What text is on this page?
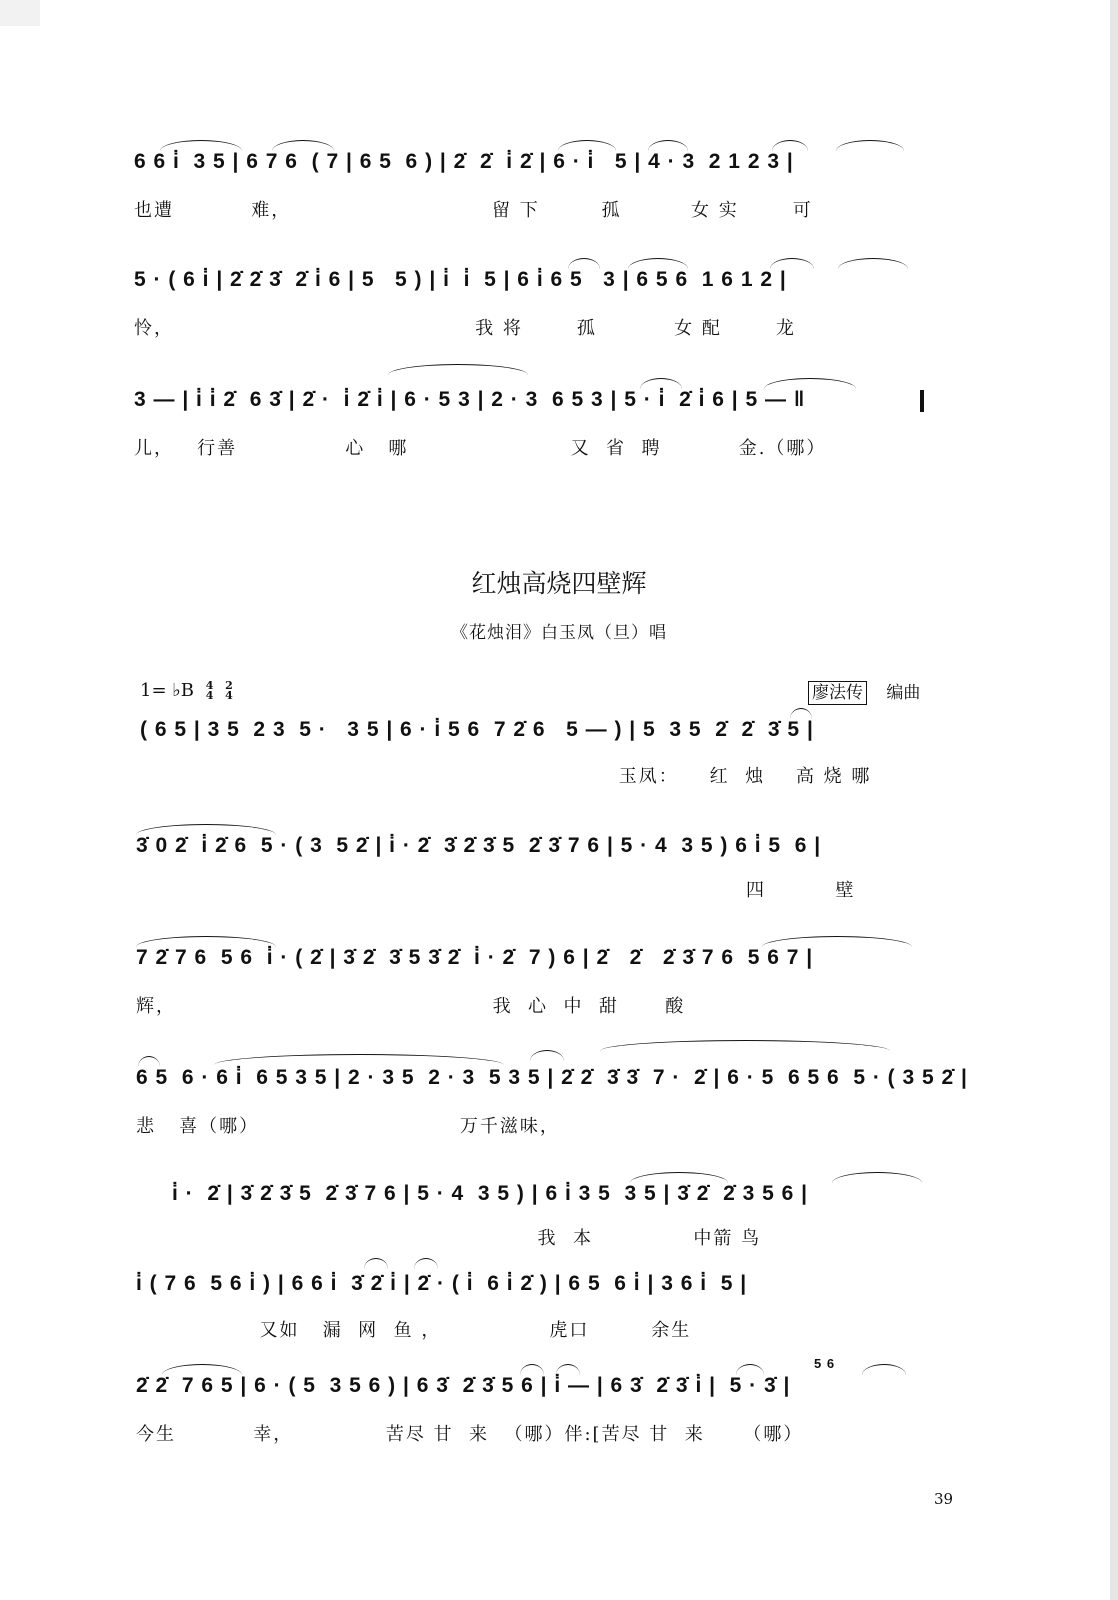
6 6 i̇  3 5 | 6 7 6  ( 7 | 6 5  6 ) | 2̇  2̇  i̇ 2̇ | 6 · i̇   5 | 4 · 3  2 1 2 3 |
也遭          难，                          留 下        孤         女 实       可
5 · ( 6 i̇ | 2̇ 2̇ 3̇  2̇ i̇ 6 | 5   5 ) | i̇  i̇  5 | 6 i̇ 6 5   3 | 6 5 6  1 6 1 2 |
怜，                                       我 将       孤          女 配       龙
3 — | i̇ i̇ 2̇  6 3̇ | 2̇ ·  i̇ 2̇ i̇ | 6 · 5 3 | 2 · 3  6 5 3 | 5 · i̇  2̇ i̇ 6 | 5 — ‖
儿，   行善              心   哪                     又  省  聘          金.（哪）
红烛高烧四壁辉
《花烛泪》白玉凤（旦）唱
1= ♭B 4
4 2
4	廖法传 编曲
( 6 5 | 3 5  2 3  5 ·   3 5 | 6 · i̇ 5 6  7 2̇ 6   5 — ) | 5  3 5  2̇  2̇  3̇ 5 |
玉凤：    红  烛    高 烧 哪
3̇ 0 2̇  i̇ 2̇ 6  5 · ( 3  5 2̇ | i̇ · 2̇  3̇ 2̇ 3̇ 5  2̇ 3̇ 7 6 | 5 · 4  3 5 ) 6 i̇ 5  6 |
四         壁
7 2̇ 7 6  5 6  i̇ · ( 2̇ | 3̇ 2̇  3̇ 5 3̇ 2̇  i̇ · 2̇  7 ) 6 | 2̇   2̇   2̇ 3̇ 7 6  5 6 7 |
辉，                                         我  心  中  甜      酸
6 5  6 · 6 i̇  6 5 3 5 | 2 · 3 5  2 · 3  5 3 5 | 2̇ 2̇  3̇ 3̇  7 ·  2̇ | 6 · 5  6 5 6  5 · ( 3 5 2̇ |
悲   喜（哪）                          万千滋味，
i̇ ·  2̇ | 3̇ 2̇ 3̇ 5  2̇ 3̇ 7 6 | 5 · 4  3 5 ) | 6 i̇ 3 5  3 5 | 3̇ 2̇  2̇ 3 5 6 |
我  本             中箭 鸟
i̇ ( 7 6  5 6 i̇ ) | 6 6 i̇  3̇ 2̇ i̇ | 2̇ · ( i̇  6 i̇ 2̇ ) | 6 5  6 i̇ | 3 6 i̇  5 |
又如   漏  网  鱼 ，              虎口        余生
2̇ 2̇  7 6 5 | 6 · ( 5  3 5 6 ) | 6 3̇  2̇ 3̇ 5 6 | i̇ — | 6 3̇  2̇ 3̇ i̇ |  5 · 3̇ |
5 6
今生          幸，            苦尽 甘  来  （哪）伴:[苦尽 甘  来     （哪）
39
